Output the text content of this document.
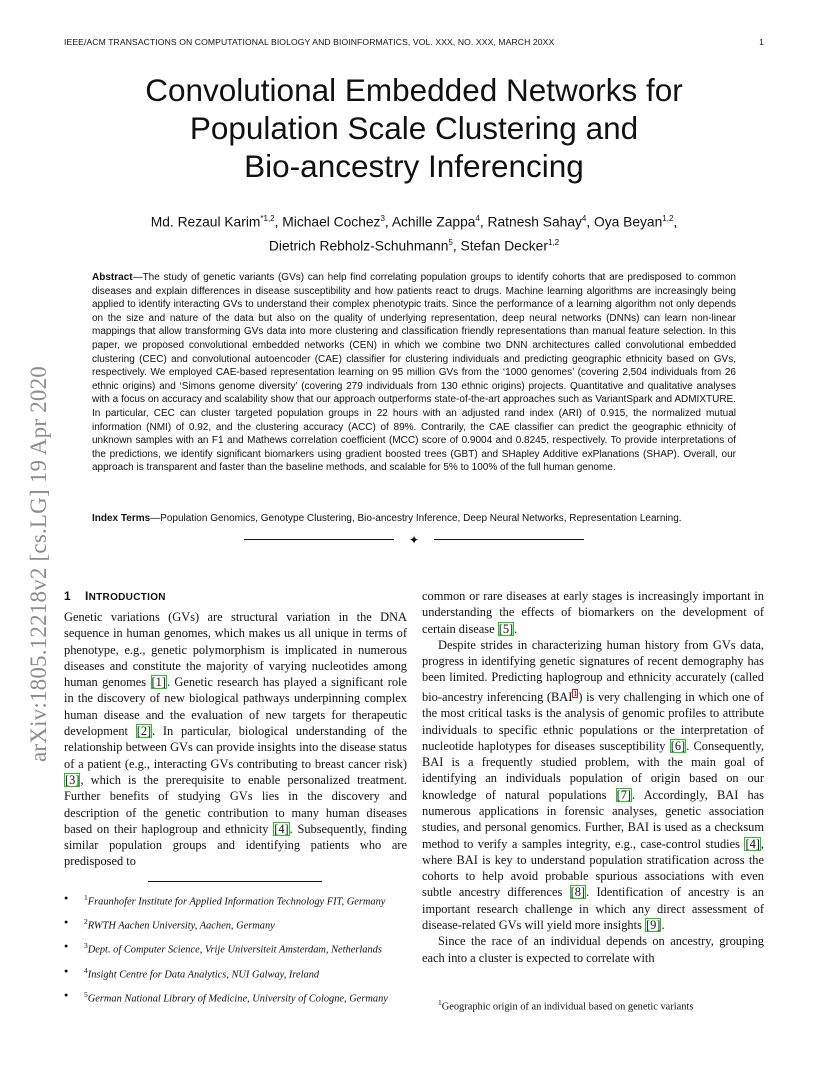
IEEE/ACM TRANSACTIONS ON COMPUTATIONAL BIOLOGY AND BIOINFORMATICS, VOL. XXX, NO. XXX, MARCH 20XX	1
arXiv:1805.12218v2 [cs.LG] 19 Apr 2020
Convolutional Embedded Networks for
Population Scale Clustering and
Bio-ancestry Inferencing
Md. Rezaul Karim$^{*1,2}$, Michael Cochez$^3$, Achille Zappa$^4$, Ratnesh Sahay$^4$, Oya Beyan$^{1,2}$,
Dietrich Rebholz-Schuhmann$^5$, Stefan Decker$^{1,2}$

Abstract—The study of genetic variants (GVs) can help find correlating population groups to identify cohorts that are predisposed to common diseases and explain differences in disease susceptibility and how patients react to drugs. Machine learning algorithms are increasingly being applied to identify interacting GVs to understand their complex phenotypic traits. Since the performance of a learning algorithm not only depends on the size and nature of the data but also on the quality of underlying representation, deep neural networks (DNNs) can learn non-linear mappings that allow transforming GVs data into more clustering and classification friendly representations than manual feature selection. In this paper, we proposed convolutional embedded networks (CEN) in which we combine two DNN architectures called convolutional embedded clustering (CEC) and convolutional autoencoder (CAE) classifier for clustering individuals and predicting geographic ethnicity based on GVs, respectively. We employed CAE-based representation learning on 95 million GVs from the ‘1000 genomes’ (covering 2,504 individuals from 26 ethnic origins) and ‘Simons genome diversity’ (covering 279 individuals from 130 ethnic origins) projects. Quantitative and qualitative analyses with a focus on accuracy and scalability show that our approach outperforms state-of-the-art approaches such as VariantSpark and ADMIXTURE. In particular, CEC can cluster targeted population groups in 22 hours with an adjusted rand index (ARI) of 0.915, the normalized mutual information (NMI) of 0.92, and the clustering accuracy (ACC) of 89%. Contrarily, the CAE classifier can predict the geographic ethnicity of unknown samples with an F1 and Mathews correlation coefficient (MCC) score of 0.9004 and 0.8245, respectively. To provide interpretations of the predictions, we identify significant biomarkers using gradient boosted trees (GBT) and SHapley Additive exPlanations (SHAP). Overall, our approach is transparent and faster than the baseline methods, and scalable for 5% to 100% of the full human genome.

Index Terms—Population Genomics, Genotype Clustering, Bio-ancestry Inference, Deep Neural Networks, Representation Learning.

✦
1 INTRODUCTION

Genetic variations (GVs) are structural variation in the DNA sequence in human genomes, which makes us all unique in terms of phenotype, e.g., genetic polymorphism is implicated in numerous diseases and constitute the majority of varying nucleotides among human genomes [1]. Genetic research has played a significant role in the discovery of new biological pathways underpinning complex human disease and the evaluation of new targets for therapeutic development [2]. In particular, biological understanding of the relationship between GVs can provide insights into the disease status of a patient (e.g., interacting GVs contributing to breast cancer risk) [3], which is the prerequisite to enable personalized treatment. Further benefits of studying GVs lies in the discovery and description of the genetic contribution to many human diseases based on their haplogroup and ethnicity [4]. Subsequently, finding similar population groups and identifying patients who are predisposed to

common or rare diseases at early stages is increasingly important in understanding the effects of biomarkers on the development of certain disease [5].

Despite strides in characterizing human history from GVs data, progress in identifying genetic signatures of recent demography has been limited. Predicting haplogroup and ethnicity accurately (called bio-ancestry inferencing (BAI$^1$) is very challenging in which one of the most critical tasks is the analysis of genomic profiles to attribute individuals to specific ethnic populations or the interpretation of nucleotide haplotypes for diseases susceptibility [6]. Consequently, BAI is a frequently studied problem, with the main goal of identifying an individuals population of origin based on our knowledge of natural populations [7]. Accordingly, BAI has numerous applications in forensic analyses, genetic association studies, and personal genomics. Further, BAI is used as a checksum method to verify a samples integrity, e.g., case-control studies [4], where BAI is key to understand population stratification across the cohorts to help avoid probable spurious associations with even subtle ancestry differences [8]. Identification of ancestry is an important research challenge in which any direct assessment of disease-related GVs will yield more insights [9].

Since the race of an individual depends on ancestry, grouping each into a cluster is expected to correlate with

● $^1$Fraunhofer Institute for Applied Information Technology FIT, Germany
● $^2$RWTH Aachen University, Aachen, Germany
● $^3$Dept. of Computer Science, Vrije Universiteit Amsterdam, Netherlands
● $^4$Insight Centre for Data Analytics, NUI Galway, Ireland
● $^5$German National Library of Medicine, University of Cologne, Germany	$^1$Geographic origin of an individual based on genetic variants
